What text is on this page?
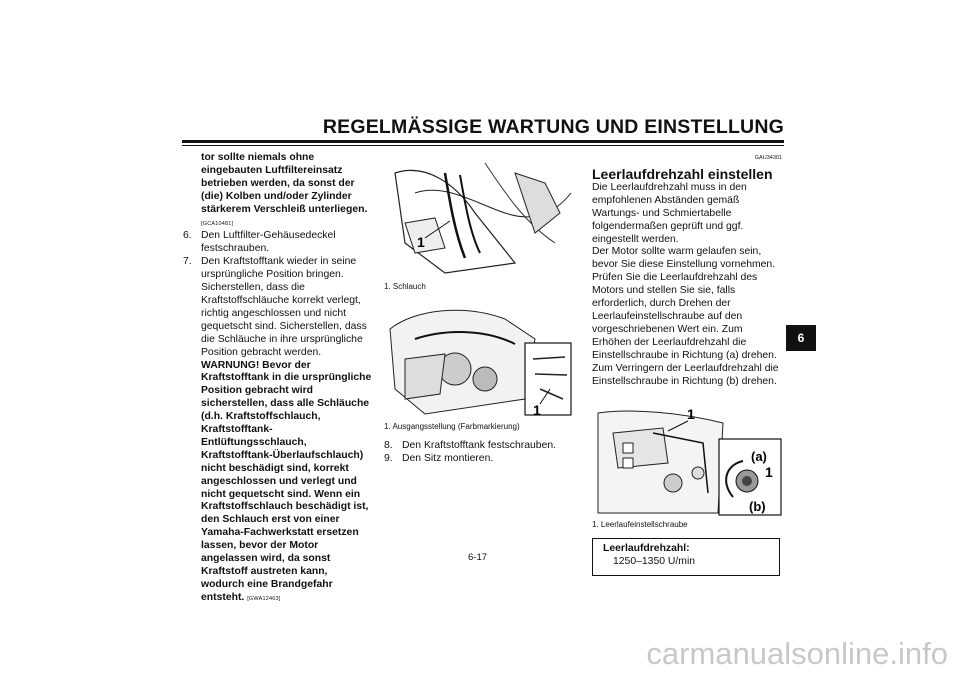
REGELMÄSSIGE WARTUNG UND EINSTELLUNG
6
tor sollte niemals ohne eingebauten Luftfiltereinsatz betrieben werden, da sonst der (die) Kolben und/oder Zylinder stärkerem Verschleiß unterliegen. [GCA10481]
6. Den Luftfilter-Gehäusedeckel festschrauben.
7. Den Kraftstofftank wieder in seine ursprüngliche Position bringen. Sicherstellen, dass die Kraftstoffschläuche korrekt verlegt, richtig angeschlossen und nicht gequetscht sind. Sicherstellen, dass die Schläuche in ihre ursprüngliche Position gebracht werden.
WARNUNG! Bevor der Kraftstofftank in die ursprüngliche Position gebracht wird sicherstellen, dass alle Schläuche (d.h. Kraftstoffschlauch, Kraftstofftank-Entlüftungsschlauch, Kraftstofftank-Überlaufschlauch) nicht beschädigt sind, korrekt angeschlossen und verlegt und nicht gequetscht sind. Wenn ein Kraftstoffschlauch beschädigt ist, den Schlauch erst von einer Yamaha-Fachwerkstatt ersetzen lassen, bevor der Motor angelassen wird, da sonst Kraftstoff austreten kann, wodurch eine Brandgefahr entsteht. [GWA12463]
1
1. Schlauch
1
1. Ausgangsstellung (Farbmarkierung)
8. Den Kraftstofftank festschrauben.
9. Den Sitz montieren.
GAU34301
Leerlaufdrehzahl einstellen
Die Leerlaufdrehzahl muss in den empfohlenen Abständen gemäß Wartungs- und Schmiertabelle folgendermaßen geprüft und ggf. eingestellt werden.
Der Motor sollte warm gelaufen sein, bevor Sie diese Einstellung vornehmen.
Prüfen Sie die Leerlaufdrehzahl des Motors und stellen Sie sie, falls erforderlich, durch Drehen der Leerlaufeinstellschraube auf den vorgeschriebenen Wert ein. Zum Erhöhen der Leerlaufdrehzahl die Einstellschraube in Richtung (a) drehen. Zum Verringern der Leerlaufdrehzahl die Einstellschraube in Richtung (b) drehen.
1
(a)
1
(b)
1. Leerlaufeinstellschraube
Leerlaufdrehzahl:
1250–1350 U/min
6-17
carmanualsonline.info
